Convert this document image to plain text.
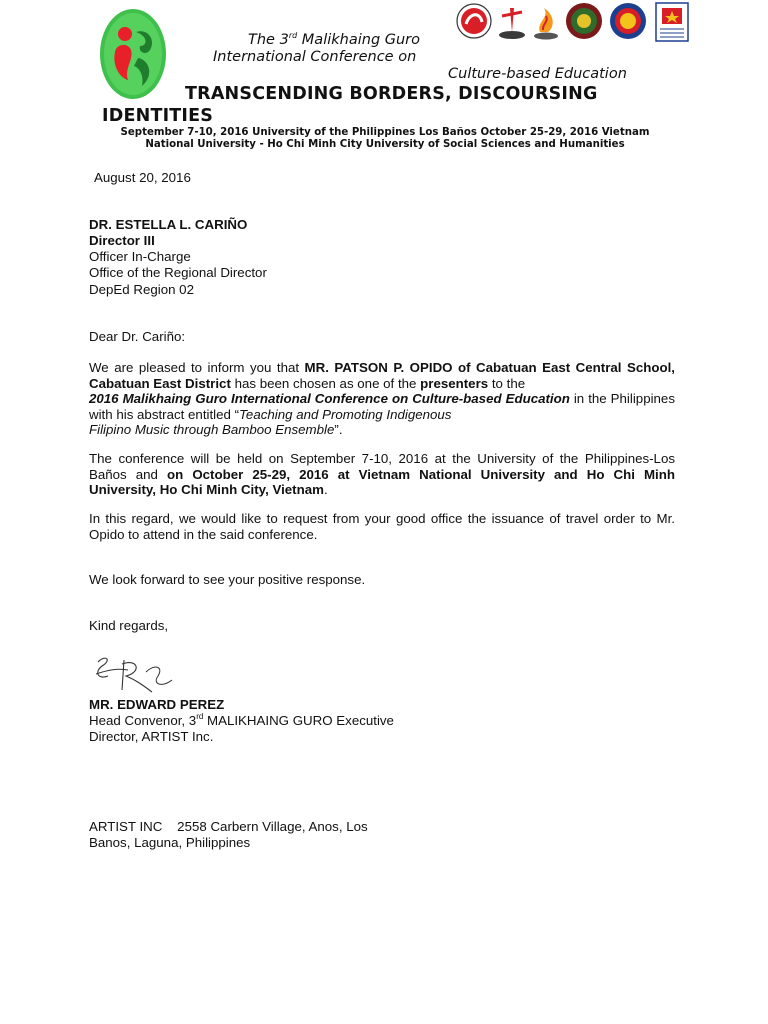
The 3rd Malikhaing Guro
International Conference on
Culture-based Education
TRANSCENDING BORDERS, DISCOURSING
IDENTITIES
September 7-10, 2016 University of the Philippines Los Baños October 25-29, 2016 Vietnam
National University - Ho Chi Minh City University of Social Sciences and Humanities
August 20, 2016
DR. ESTELLA L. CARIÑO
Director III
Officer In-Charge
Office of the Regional Director
DepEd Region 02
Dear Dr. Cariño:
We are pleased to inform you that MR. PATSON P. OPIDO of Cabatuan East Central School, Cabatuan East District has been chosen as one of the presenters to the
2016 Malikhaing Guro International Conference on Culture-based Education in the Philippines with his abstract entitled “Teaching and Promoting Indigenous
Filipino Music through Bamboo Ensemble”.
The conference will be held on September 7-10, 2016 at the University of the Philippines-Los Baños and on October 25-29, 2016 at Vietnam National University and Ho Chi Minh University, Ho Chi Minh City, Vietnam.
In this regard, we would like to request from your good office the issuance of travel order to Mr. Opido to attend in the said conference.
We look forward to see your positive response.
Kind regards,
MR. EDWARD PEREZ
Head Convenor, 3rd MALIKHAING GURO Executive
Director, ARTIST Inc.
ARTIST INC    2558 Carbern Village, Anos, Los
Banos, Laguna, Philippines
